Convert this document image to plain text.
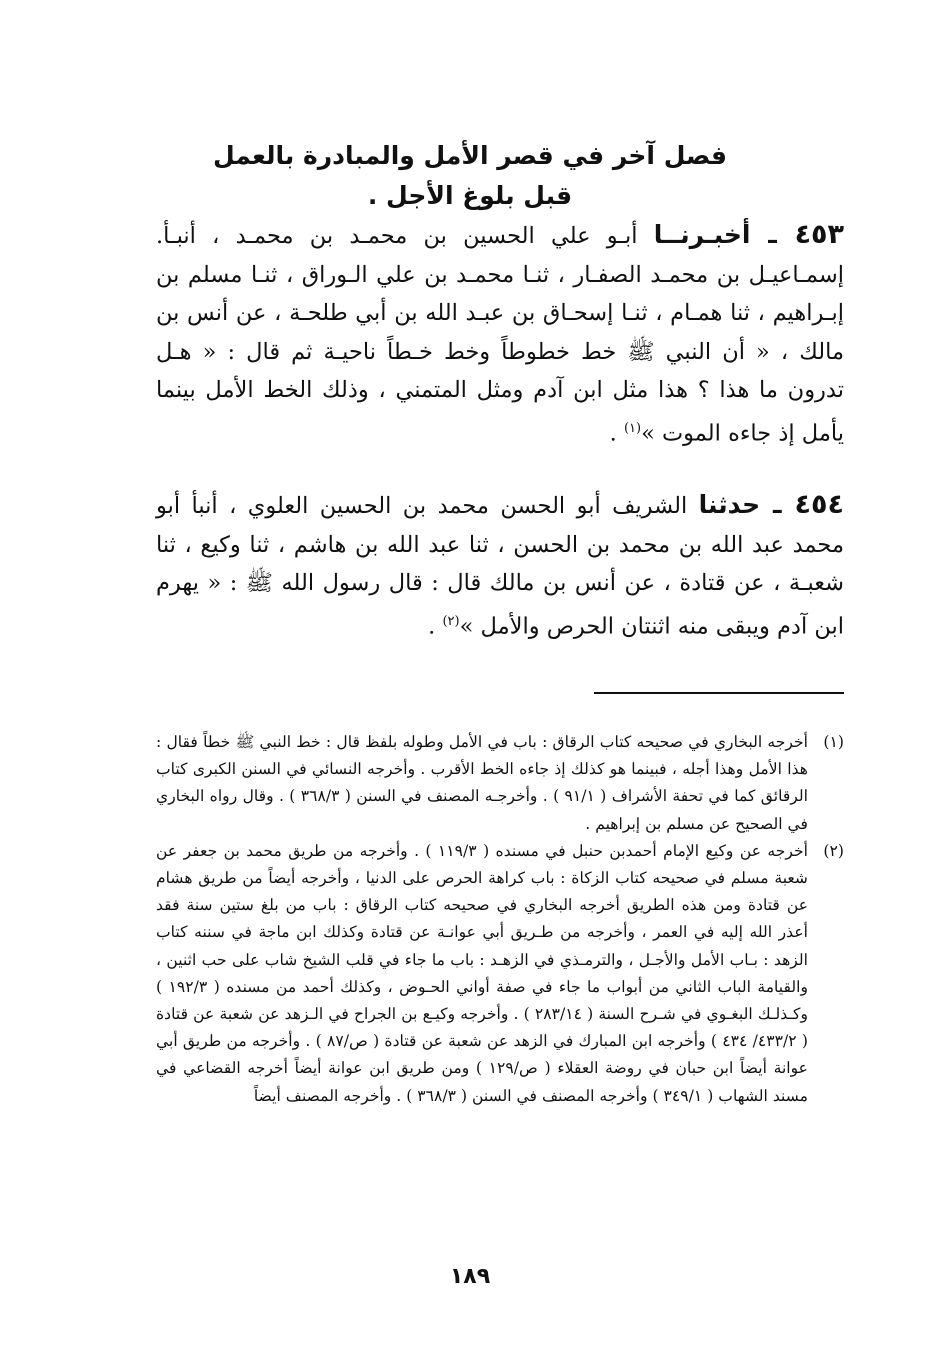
فصل آخر في قصر الأمل والمبادرة بالعمل
قبل بلوغ الأجل .
٤٥٣ ـ أخبـرنــا أبـو علي الحسين بن محمـد بن محمـد ، أنبـأ. إسمـاعيـل بن محمـد الصفـار ، ثنـا محمـد بن علي الـوراق ، ثنـا مسلم بن إبـراهيم ، ثنا همـام ، ثنـا إسحـاق بن عبـد الله بن أبي طلحـة ، عن أنس بن مالك ، « أن النبي ﷺ خط خطوطاً وخط خـطاً ناحيـة ثم قال : « هـل تدرون ما هذا ؟ هذا مثل ابن آدم ومثل المتمني ، وذلك الخط الأمل بينما يأمل إذ جاءه الموت »$^{(١)}$ .
٤٥٤ ـ حدثنا الشريف أبو الحسن محمد بن الحسين العلوي ، أنبأ أبو محمد عبد الله بن محمد بن الحسن ، ثنا عبد الله بن هاشم ، ثنا وكيع ، ثنا شعبـة ، عن قتادة ، عن أنس بن مالك قال : قال رسول الله ﷺ : « يهرم ابن آدم ويبقى منه اثنتان الحرص والأمل »$^{(٢)}$ .
(١)
أخرجه البخاري في صحيحه كتاب الرقاق : باب في الأمل وطوله بلفظ قال : خط النبي ﷺ خطاً فقال : هذا الأمل وهذا أجله ، فبينما هو كذلك إذ جاءه الخط الأقرب . وأخرجه النسائي في السنن الكبرى كتاب الرقائق كما في تحفة الأشراف ( ٩١/١ ) . وأخرجـه المصنف في السنن ( ٣٦٨/٣ ) . وقال رواه البخاري في الصحيح عن مسلم بن إبراهيم .
(٢)
أخرجه عن وكيع الإمام أحمدبن حنبل في مسنده ( ١١٩/٣ ) . وأخرجه من طريق محمد بن جعفر عن شعبة مسلم في صحيحه كتاب الزكاة : باب كراهة الحرص على الدنيا ، وأخرجه أيضاً من طريق هشام عن قتادة ومن هذه الطريق أخرجه البخاري في صحيحه كتاب الرقاق : باب من بلغ ستين سنة فقد أعذر الله إليه في العمر ، وأخرجه من طـريق أبي عوانـة عن قتادة وكذلك ابن ماجة في سننه كتاب الزهد : بـاب الأمل والأجـل ، والترمـذي في الزهـد : باب ما جاء في قلب الشيخ شاب على حب اثنين ، والقيامة الباب الثاني من أبواب ما جاء في صفة أواني الحـوض ، وكذلك أحمد من مسنده ( ١٩٢/٣ ) وكـذلـك البغـوي في شـرح السنة ( ٢٨٣/١٤ ) . وأخرجه وكيـع بن الجراح في الـزهد عن شعبة عن قتادة ( ٤٣٣/٢/ ٤٣٤ ) وأخرجه ابن المبارك في الزهد عن شعبة عن قتادة ( ص/٨٧ ) . وأخرجه من طريق أبي عوانة أيضاً ابن حبان في روضة العقلاء ( ص/١٢٩ ) ومن طريق ابن عوانة أيضاً أخرجه القضاعي في مسند الشهاب ( ٣٤٩/١ ) وأخرجه المصنف في السنن ( ٣٦٨/٣ ) . وأخرجه المصنف أيضاً
١٨٩
